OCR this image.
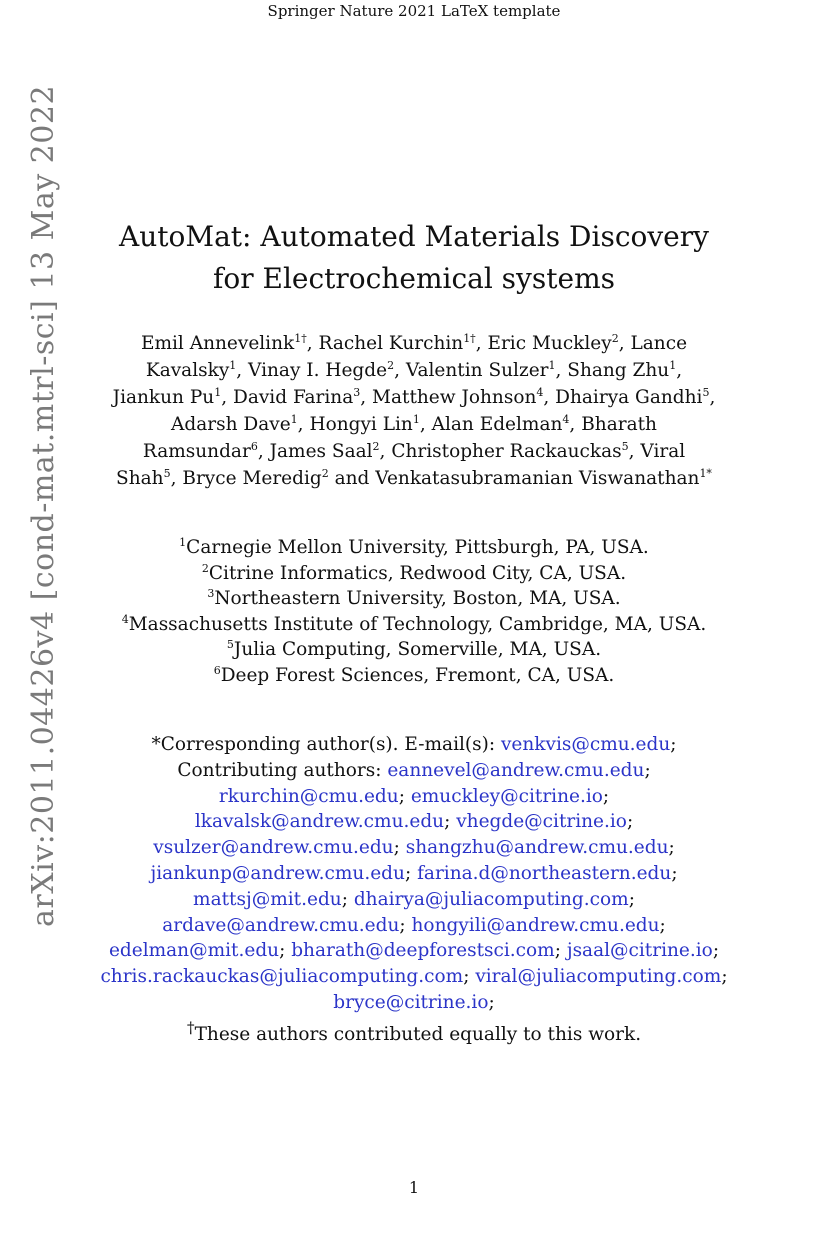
Springer Nature 2021 LaTeX template
arXiv:2011.04426v4 [cond-mat.mtrl-sci] 13 May 2022	AutoMat: Automated Materials Discovery
for Electrochemical systems
Emil Annevelink$^{1\dagger}$, Rachel Kurchin$^{1\dagger}$, Eric Muckley$^2$, Lance Kavalsky$^1$, Vinay I. Hegde$^2$, Valentin Sulzer$^1$, Shang Zhu$^1$, Jiankun Pu$^1$, David Farina$^3$, Matthew Johnson$^4$, Dhairya Gandhi$^5$, Adarsh Dave$^1$, Hongyi Lin$^1$, Alan Edelman$^4$, Bharath Ramsundar$^6$, James Saal$^2$, Christopher Rackauckas$^5$, Viral Shah$^5$, Bryce Meredig$^2$ and Venkatasubramanian Viswanathan$^{1*}$
$^1$Carnegie Mellon University, Pittsburgh, PA, USA.
$^2$Citrine Informatics, Redwood City, CA, USA.
$^3$Northeastern University, Boston, MA, USA.
$^4$Massachusetts Institute of Technology, Cambridge, MA, USA.
$^5$Julia Computing, Somerville, MA, USA.
$^6$Deep Forest Sciences, Fremont, CA, USA.
*Corresponding author(s). E-mail(s): venkvis@cmu.edu;
Contributing authors: eannevel@andrew.cmu.edu;
rkurchin@cmu.edu; emuckley@citrine.io;
lkavalsk@andrew.cmu.edu; vhegde@citrine.io;
vsulzer@andrew.cmu.edu; shangzhu@andrew.cmu.edu;
jiankunp@andrew.cmu.edu; farina.d@northeastern.edu;
mattsj@mit.edu; dhairya@juliacomputing.com;
ardave@andrew.cmu.edu; hongyili@andrew.cmu.edu;
edelman@mit.edu; bharath@deepforestsci.com; jsaal@citrine.io;
chris.rackauckas@juliacomputing.com; viral@juliacomputing.com;
bryce@citrine.io;
†These authors contributed equally to this work.
1
